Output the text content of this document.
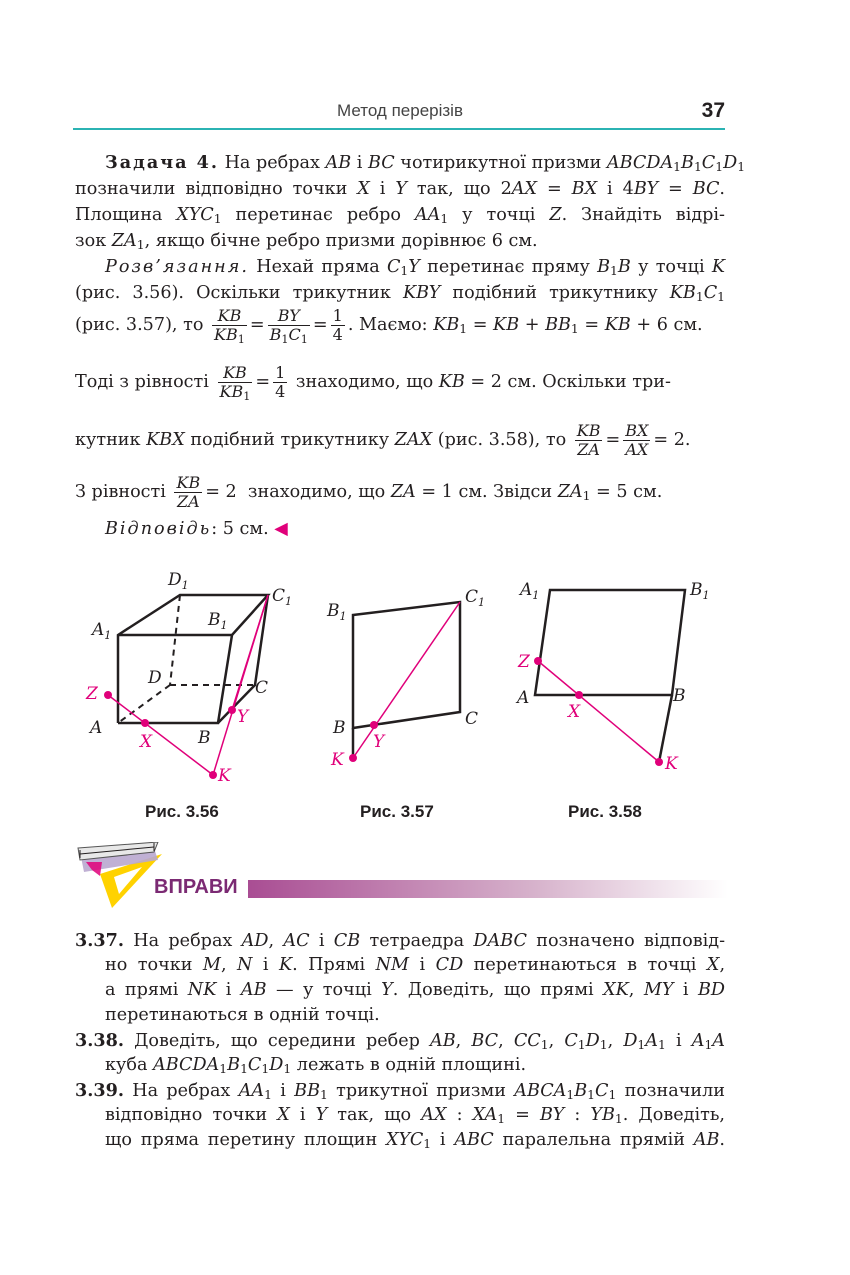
Метод перерізів	37
Задача 4. На ребрах AB і BC чотирикутної призми $ABCDA_1B_1C_1D_1$
позначили відповідно точки X і Y так, що 2AX = BX і 4BY = BC.
Площина $XYC_1$ перетинає ребро $AA_1$ у точці Z. Знайдіть відрі-
зок $ZA_1$, якщо бічне ребро призми дорівнює 6 см.
Розв’язання. Нехай пряма $C_1Y$ перетинає пряму $B_1B$ у точці K
(рис. 3.56). Оскільки трикутник KBY подібний трикутнику $KB_1C_1$
(рис. 3.57), то $\frac{KB}{KB_1} = \frac{BY}{B_1C_1} = \frac{1}{4}$ . Маємо: $KB_1$ = KB + $BB_1$ = KB + 6 см.
Тоді з рівності $\frac{KB}{KB_1} = \frac{1}{4}$ знаходимо, що KB = 2 см. Оскільки три-
кутник KBX подібний трикутнику ZAX (рис. 3.58), то $\frac{KB}{ZA} = \frac{BX}{AX} = 2$.
З рівності $\frac{KB}{ZA} = 2$  знаходимо, що ZA = 1 см. Звідси $ZA_1 = 5$ см.
Відповідь: 5 см. ◀
$D_1$
$C_1$
$A_1$
$B_1$
D	C
A	B
Z
X
Y
K
Рис. 3.56
$B_1$
$C_1$
B	C
Y
K
Рис. 3.57
$A_1$	$B_1$
A	B
Z
X
K
Рис. 3.58
ВПРАВИ
3.37. На ребрах AD, AC і CB тетраедра DABC позначено відповід-
но точки M, N і K. Прямі NM і CD перетинаються в точці X,
а прямі NK і AB — у точці Y. Доведіть, що прямі XK, MY і BD
перетинаються в одній точці.
3.38. Доведіть, що середини ребер AB, BC, $CC_1$, $C_1D_1$, $D_1A_1$ і $A_1A$
куба $ABCDA_1B_1C_1D_1$ лежать в одній площині.
3.39. На ребрах $AA_1$ і $BB_1$ трикутної призми $ABCA_1B_1C_1$ позначили
відповідно точки X і Y так, що AX : $XA_1$ = BY : $YB_1$. Доведіть,
що пряма перетину площин $XYC_1$ і ABC паралельна прямій AB.
